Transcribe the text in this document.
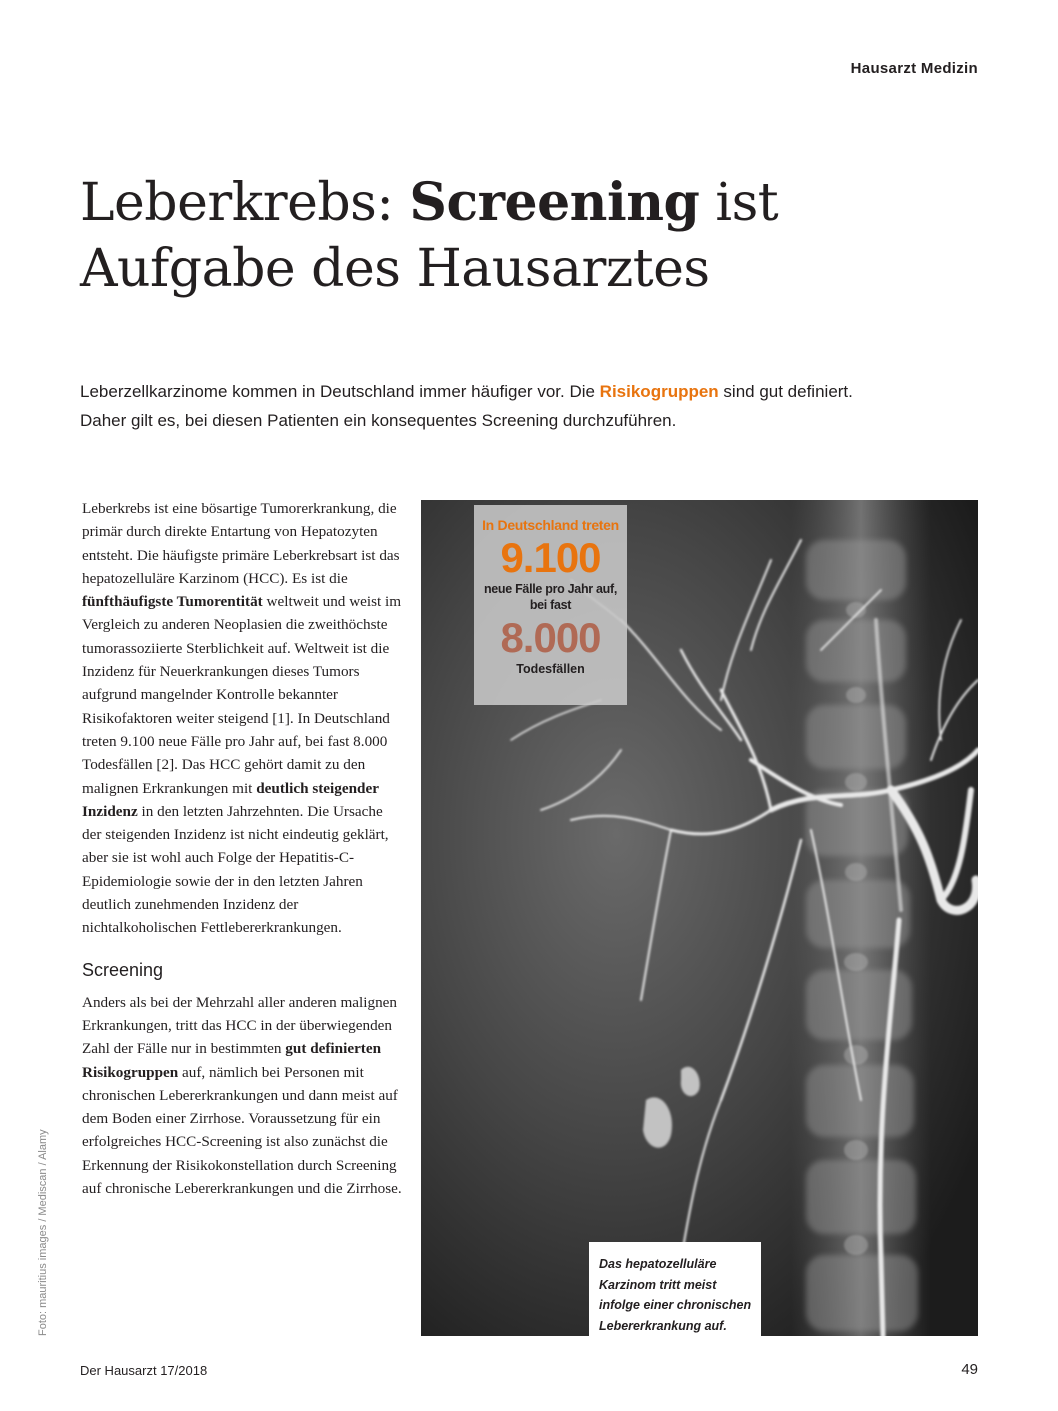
Hausarzt Medizin
Leberkrebs: Screening ist
Aufgabe des Hausarztes

Leberzellkarzinome kommen in Deutschland immer häufiger vor. Die Risikogruppen sind gut definiert. Daher gilt es, bei diesen Patienten ein konsequentes Screening durchzuführen.

Leberkrebs ist eine bösartige Tumorerkrankung, die primär durch direkte Entartung von Hepatozyten entsteht. Die häufigste primäre Leberkrebsart ist das hepatozelluläre Karzinom (HCC). Es ist die fünfthäufigste Tumorentität weltweit und weist im Vergleich zu anderen Neoplasien die zweithöchste tumorassoziierte Sterblichkeit auf. Weltweit ist die Inzidenz für Neuerkrankungen dieses Tumors aufgrund mangelnder Kontrolle bekannter Risikofaktoren weiter steigend [1]. In Deutschland treten 9.100 neue Fälle pro Jahr auf, bei fast 8.000 Todesfällen [2]. Das HCC gehört damit zu den malignen Erkrankungen mit deutlich steigender Inzidenz in den letzten Jahrzehnten. Die Ursache der steigenden Inzidenz ist nicht eindeutig geklärt, aber sie ist wohl auch Folge der Hepatitis-C-Epidemiologie sowie der in den letzten Jahren deutlich zunehmenden Inzidenz der nichtalkoholischen Fettlebererkrankungen.

Screening

Anders als bei der Mehrzahl aller anderen malignen Erkrankungen, tritt das HCC in der überwiegenden Zahl der Fälle nur in bestimmten gut definierten Risikogruppen auf, nämlich bei Personen mit chronischen Lebererkrankungen und dann meist auf dem Boden einer Zirrhose. Voraussetzung für ein erfolgreiches HCC-Screening ist also zunächst die Erkennung der Risikokonstellation durch Screening auf chronische Lebererkrankungen und die Zirrhose.

Foto: mauritius images / Mediscan / Alamy
In Deutschland treten
9.100
neue Fälle pro Jahr auf, bei fast
8.000
Todesfällen
Das hepatozelluläre Karzinom tritt meist infolge einer chronischen Lebererkrankung auf.
Der Hausarzt 17/2018	49
